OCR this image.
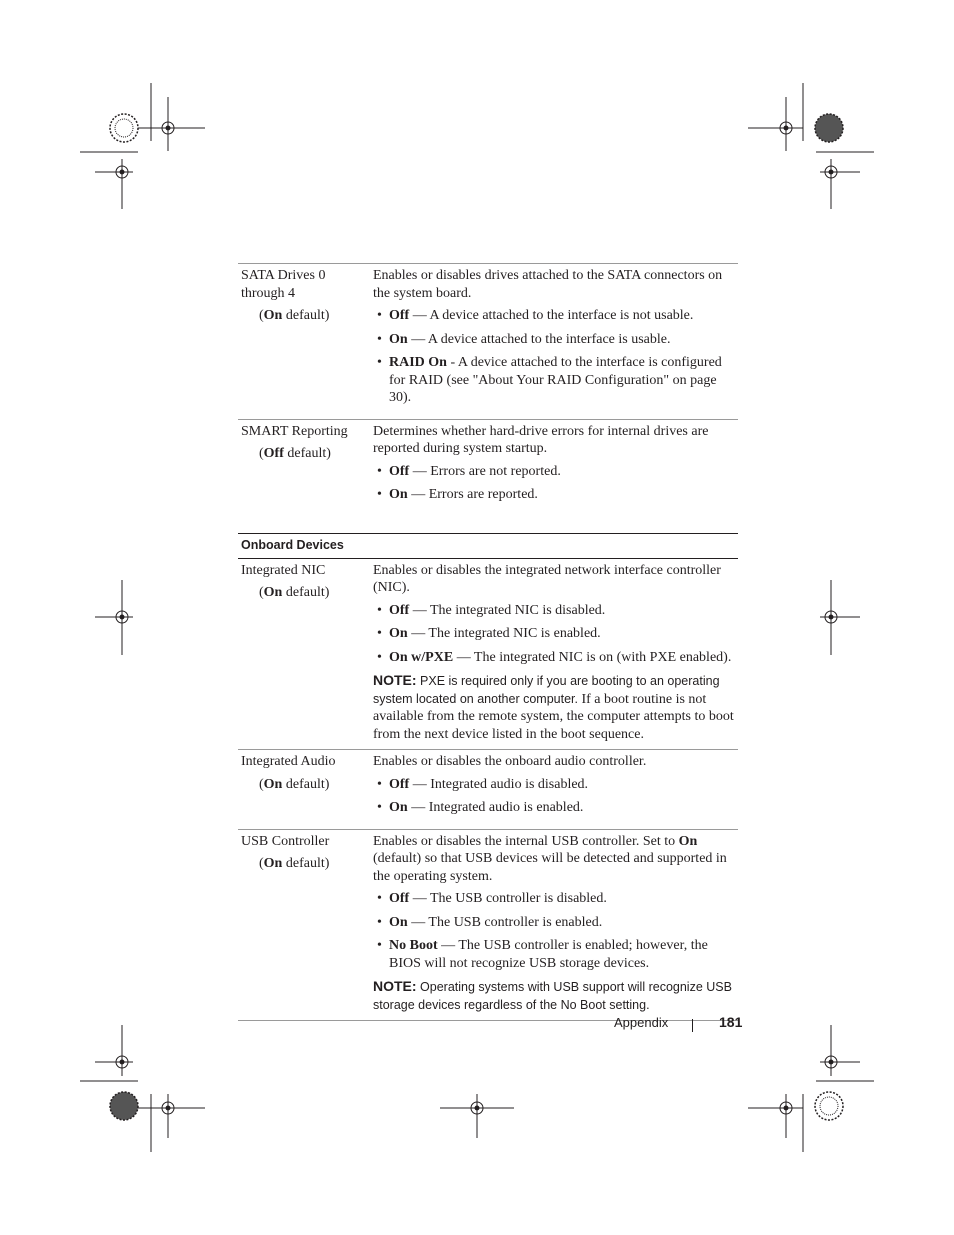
SATA Drives 0 through 4
(On default)

Enables or disables drives attached to the SATA connectors on the system board.

• Off — A device attached to the interface is not usable.
• On — A device attached to the interface is usable.
• RAID On - A device attached to the interface is configured for RAID (see "About Your RAID Configuration" on page 30).
SMART Reporting
(Off default)

Determines whether hard-drive errors for internal drives are reported during system startup.

• Off — Errors are not reported.
• On — Errors are reported.
Onboard Devices
Integrated NIC
(On default)

Enables or disables the integrated network interface controller (NIC).

• Off — The integrated NIC is disabled.
• On — The integrated NIC is enabled.
• On w/PXE — The integrated NIC is on (with PXE enabled).

NOTE: PXE is required only if you are booting to an operating system located on another computer. If a boot routine is not available from the remote system, the computer attempts to boot from the next device listed in the boot sequence.

Integrated Audio
(On default)

Enables or disables the onboard audio controller.

• Off — Integrated audio is disabled.
• On — Integrated audio is enabled.
USB Controller
(On default)

Enables or disables the internal USB controller. Set to On (default) so that USB devices will be detected and supported in the operating system.

• Off — The USB controller is disabled.
• On — The USB controller is enabled.
• No Boot — The USB controller is enabled; however, the BIOS will not recognize USB storage devices.

NOTE: Operating systems with USB support will recognize USB storage devices regardless of the No Boot setting.

Appendix	181
